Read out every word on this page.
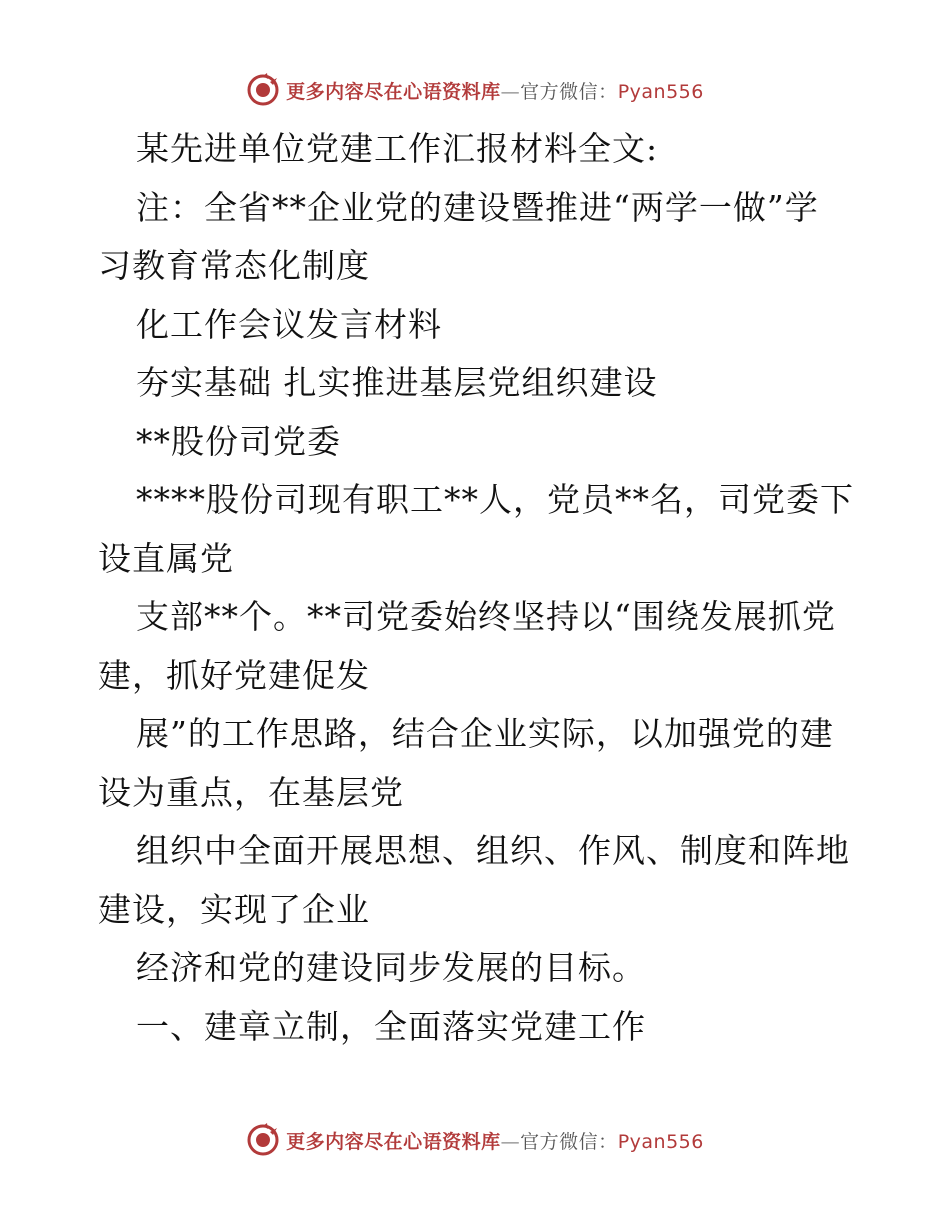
更多内容尽在心语资料库—官方微信：Pyan556
某先进单位党建工作汇报材料全文:
注：全省**企业党的建设暨推进“两学一做”学
习教育常态化制度
化工作会议发言材料
夯实基础 扎实推进基层党组织建设
**股份司党委
****股份司现有职工**人，党员**名，司党委下
设直属党
支部**个。**司党委始终坚持以“围绕发展抓党
建，抓好党建促发
展”的工作思路，结合企业实际，以加强党的建
设为重点，在基层党
组织中全面开展思想、组织、作风、制度和阵地
建设，实现了企业
经济和党的建设同步发展的目标。
一、建章立制，全面落实党建工作
更多内容尽在心语资料库—官方微信：Pyan556
